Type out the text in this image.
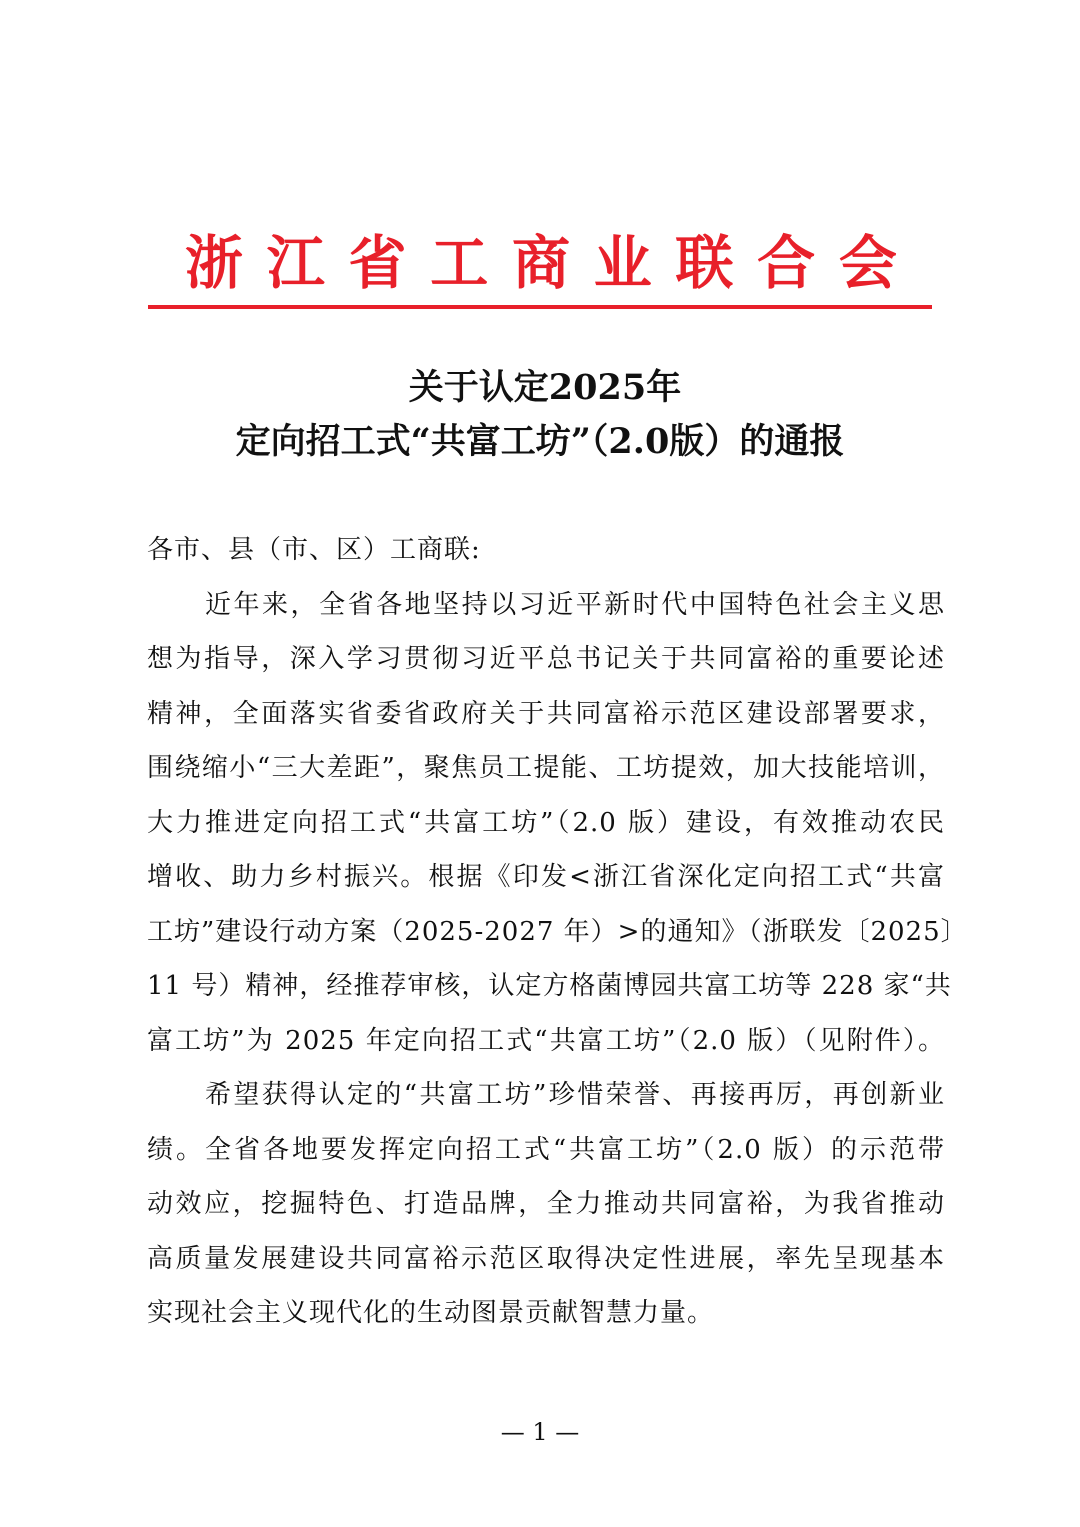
浙 江 省 工 商 业 联 合 会
关于认定2025年
定向招工式“共富工坊”（2.0版）的通报
各市、县（市、区）工商联:
近年来，全省各地坚持以习近平新时代中国特色社会主义思
想为指导，深入学习贯彻习近平总书记关于共同富裕的重要论述
精神，全面落实省委省政府关于共同富裕示范区建设部署要求，
围绕缩小“三大差距”，聚焦员工提能、工坊提效，加大技能培训，
大力推进定向招工式“共富工坊”（2.0 版）建设，有效推动农民
增收、助力乡村振兴。根据《印发<浙江省深化定向招工式“共富
工坊”建设行动方案（2025-2027 年）>的通知》（浙联发〔2025〕
11 号）精神，经推荐审核，认定方格菌博园共富工坊等 228 家“共
富工坊”为 2025 年定向招工式“共富工坊”（2.0 版）（见附件）。
希望获得认定的“共富工坊”珍惜荣誉、再接再厉，再创新业
绩。全省各地要发挥定向招工式“共富工坊”（2.0 版）的示范带
动效应，挖掘特色、打造品牌，全力推动共同富裕，为我省推动
高质量发展建设共同富裕示范区取得决定性进展，率先呈现基本
实现社会主义现代化的生动图景贡献智慧力量。
— 1 —
